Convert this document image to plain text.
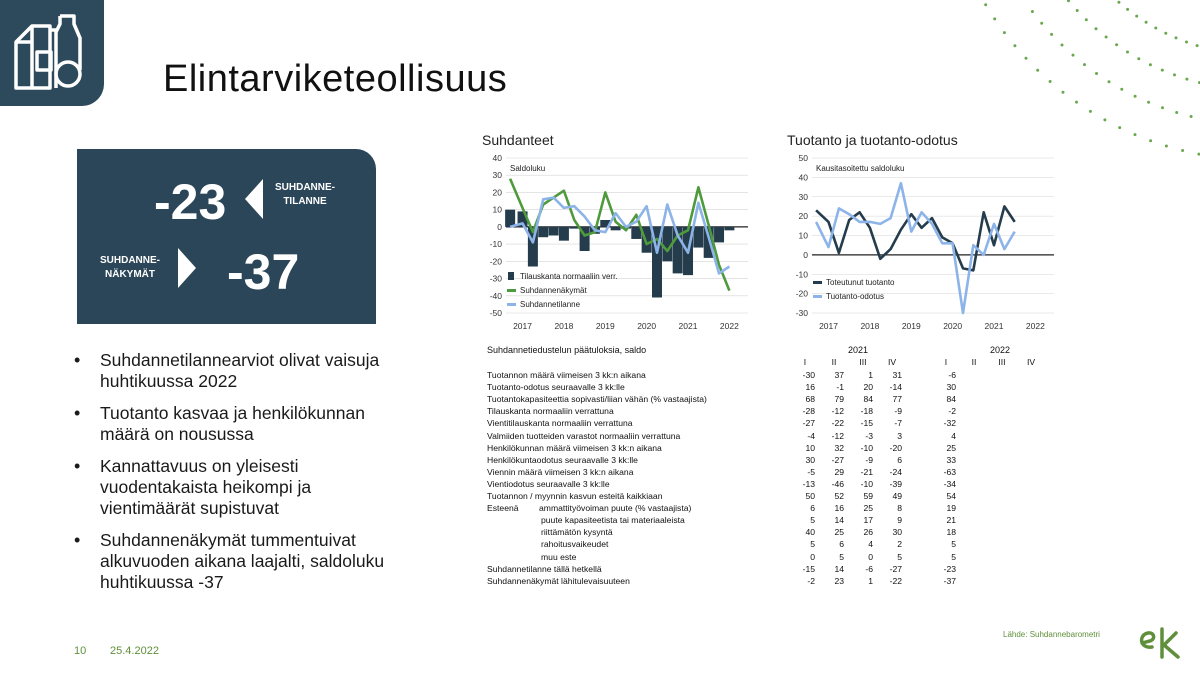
Elintarviketeollisuus
-23	SUHDANNE-
TILANNE
SUHDANNE-
NÄKYMÄT -37
• Suhdannetilannearviot olivat vaisuja huhtikuussa 2022
• Tuotanto kasvaa ja henkilökunnan määrä on nousussa
• Kannattavuus on yleisesti vuodentakaista heikompi ja vientimäärät supistuvat
• Suhdannenäkymät tummentuivat alkuvuoden aikana laajalti, saldoluku huhtikuussa -37
Suhdanteet	Tuotanto ja tuotanto-odotus
40
30
20
10
0
-10
-20
-30
-40
-50
2017	2018	2019	2020	2021	2022
Saldoluku
Tilauskanta normaaliin verr.
Suhdannenäkymät
Suhdannetilanne
50
40
30
20
10
0
-10
-20
-30
2017	2018	2019	2020	2021	2022
Kausitasoitettu saldoluku
Toteutunut tuotanto
Tuotanto-odotus
Suhdannetiedustelun päätuloksia, saldo	2021	2022
I	II	III	IV	I	II	III	IV
Tuotannon määrä viimeisen 3 kk:n aikana	-30	37	1	31	-6
Tuotanto-odotus seuraavalle 3 kk:lle	16	-1	20	-14	30
Tuotantokapasiteettia sopivasti/liian vähän (% vastaajista)	68	79	84	77	84
Tilauskanta normaaliin verrattuna	-28	-12	-18	-9	-2
Vientitilauskanta normaaliin verrattuna	-27	-22	-15	-7	-32
Valmiiden tuotteiden varastot normaaliin verrattuna	-4	-12	-3	3	4
Henkilökunnan määrä viimeisen 3 kk:n aikana	10	32	-10	-20	25
Henkilökuntaodotus seuraavalle 3 kk:lle	30	-27	-9	6	33
Viennin määrä viimeisen 3 kk:n aikana	-5	29	-21	-24	-63
Vientiodotus seuraavalle 3 kk:lle	-13	-46	-10	-39	-34
Tuotannon / myynnin kasvun esteitä kaikkiaan	50	52	59	49	54
Esteenä ammattityövoiman puute (% vastaajista)	6	16	25	8	19
puute kapasiteetista tai materiaaleista	5	14	17	9	21
riittämätön kysyntä	40	25	26	30	18
rahoitusvaikeudet	5	6	4	2	5
muu este	0	5	0	5	5
Suhdannetilanne tällä hetkellä	-15	14	-6	-27	-23
Suhdannenäkymät lähitulevaisuuteen	-2	23	1	-22	-37
10 25.4.2022
Lähde: Suhdannebarometri
